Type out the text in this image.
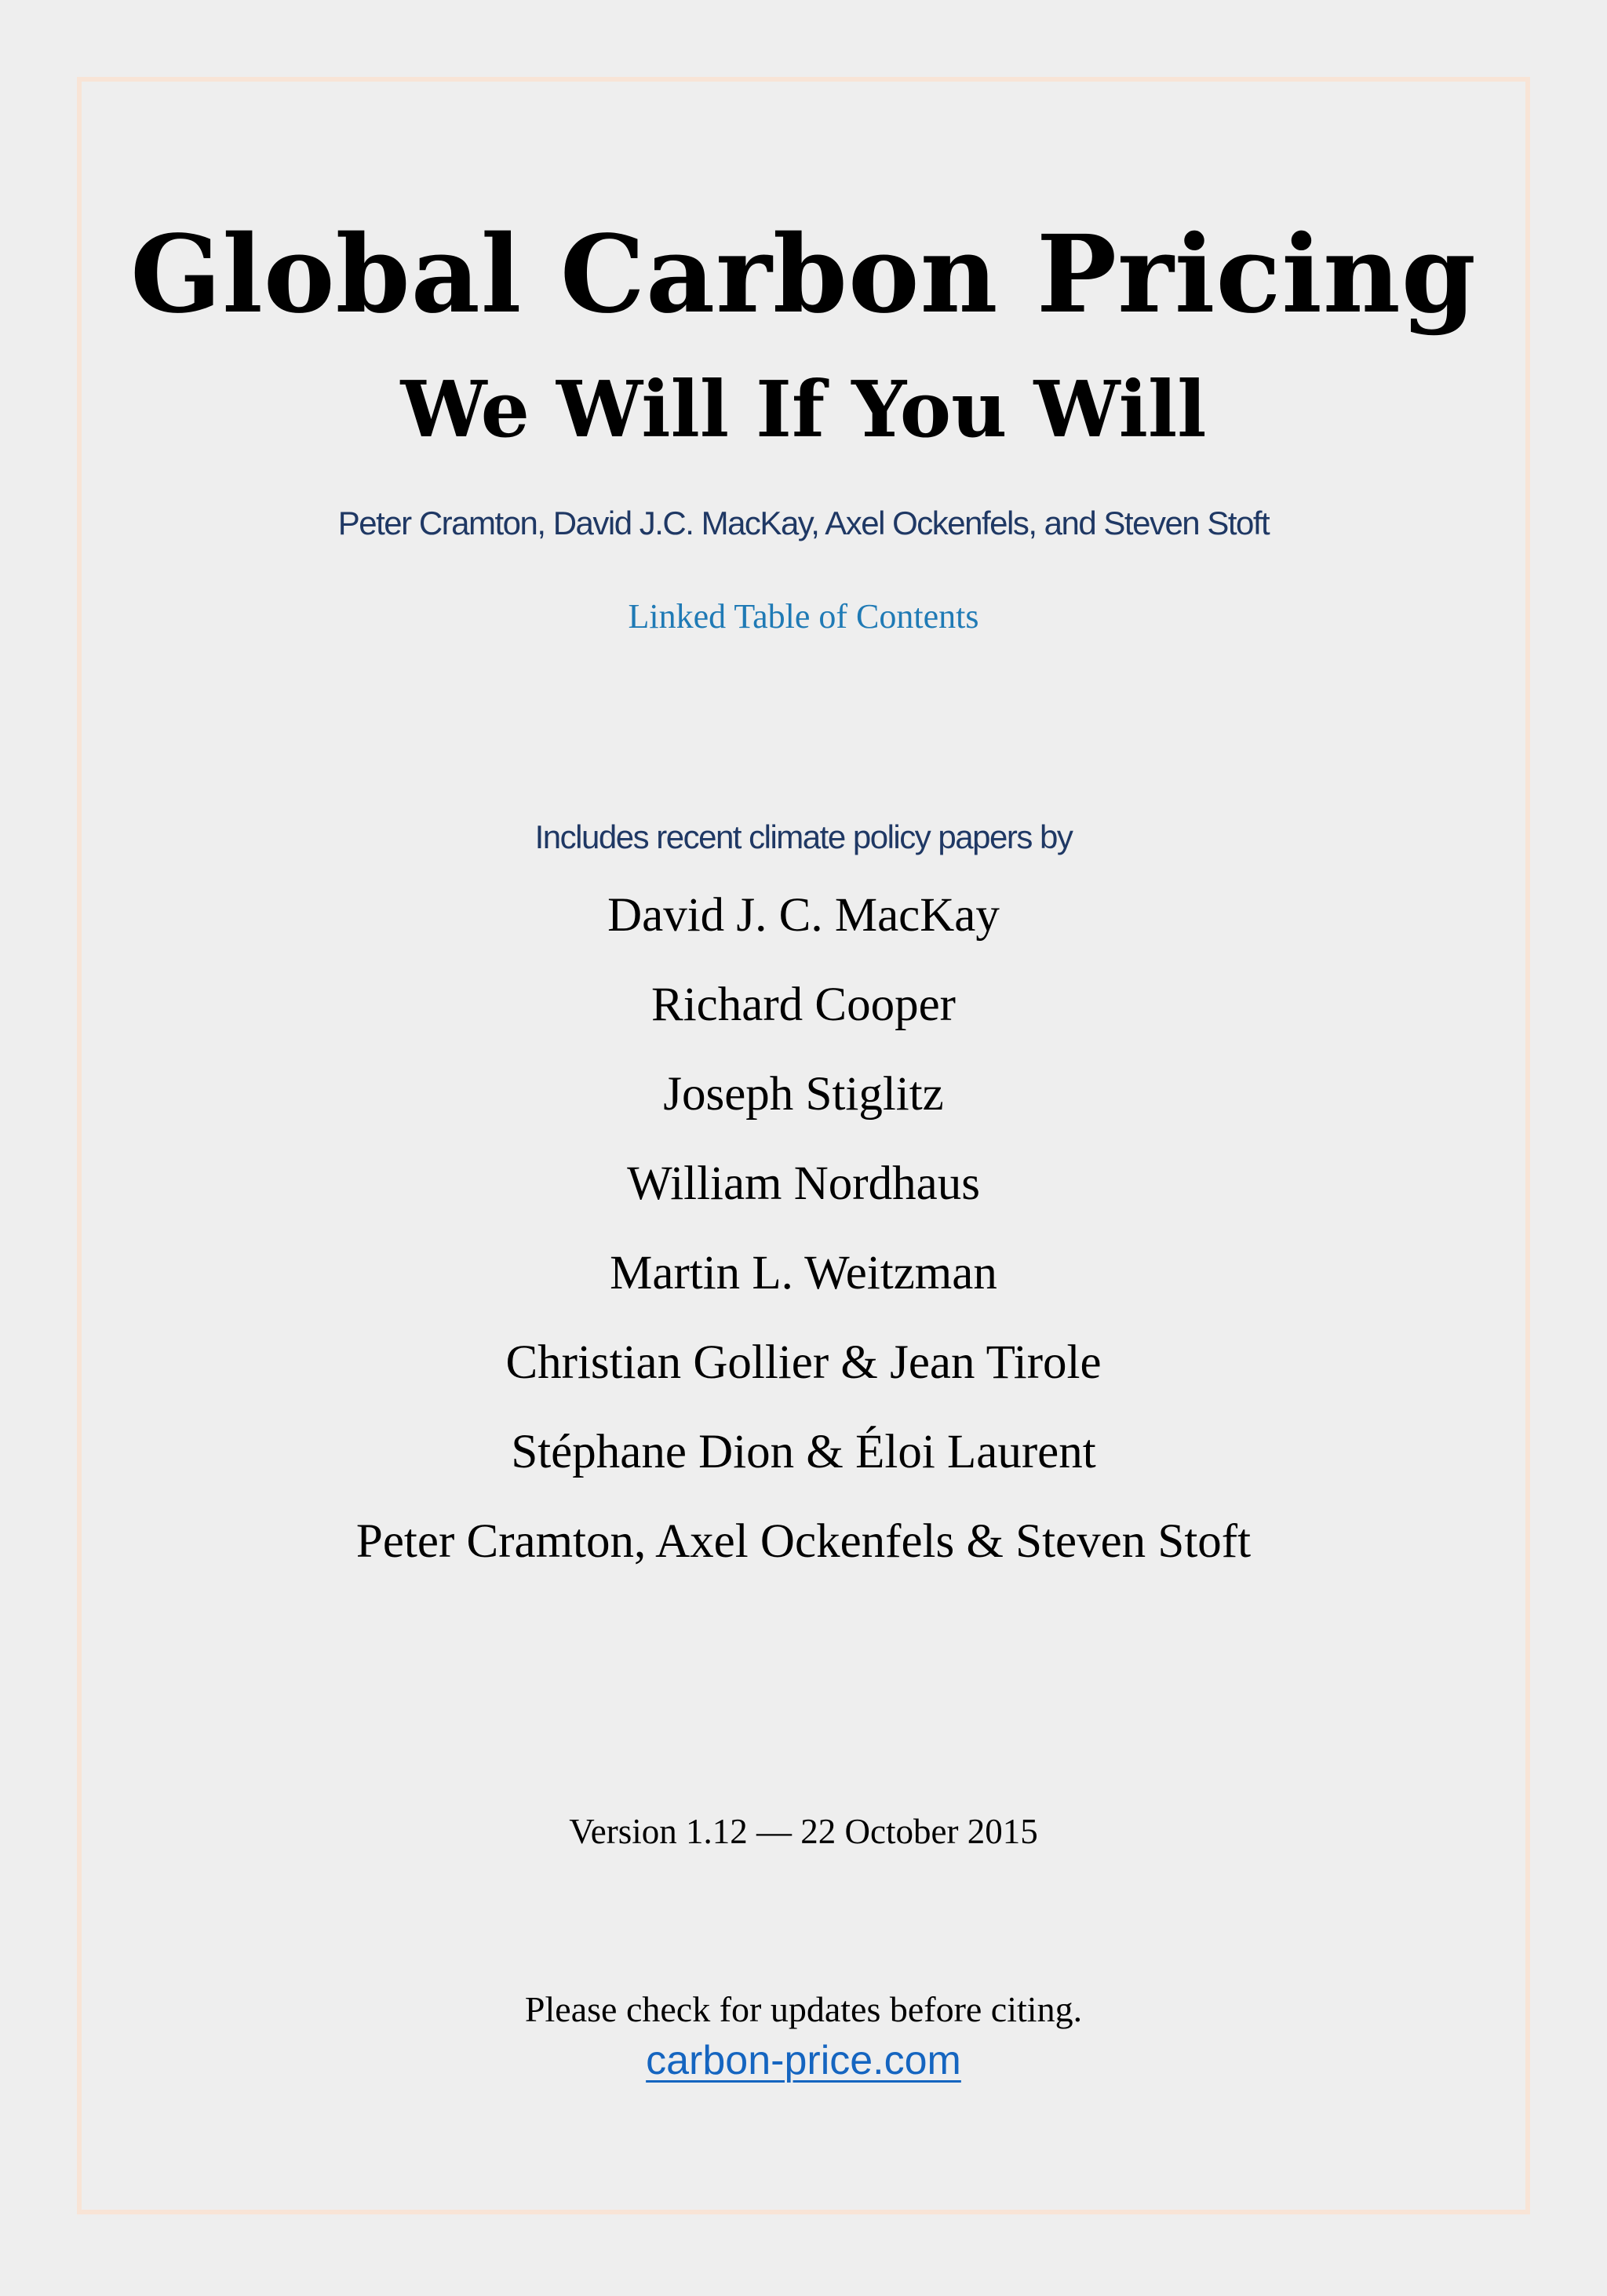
Global Carbon Pricing
We Will If You Will
Peter Cramton, David J.C. MacKay, Axel Ockenfels, and Steven Stoft
Linked Table of Contents
Includes recent climate policy papers by
David J. C. MacKay
Richard Cooper
Joseph Stiglitz
William Nordhaus
Martin L. Weitzman
Christian Gollier & Jean Tirole
Stéphane Dion & Éloi Laurent
Peter Cramton, Axel Ockenfels & Steven Stoft
Version 1.12 — 22 October 2015
Please check for updates before citing.
carbon-price.com
